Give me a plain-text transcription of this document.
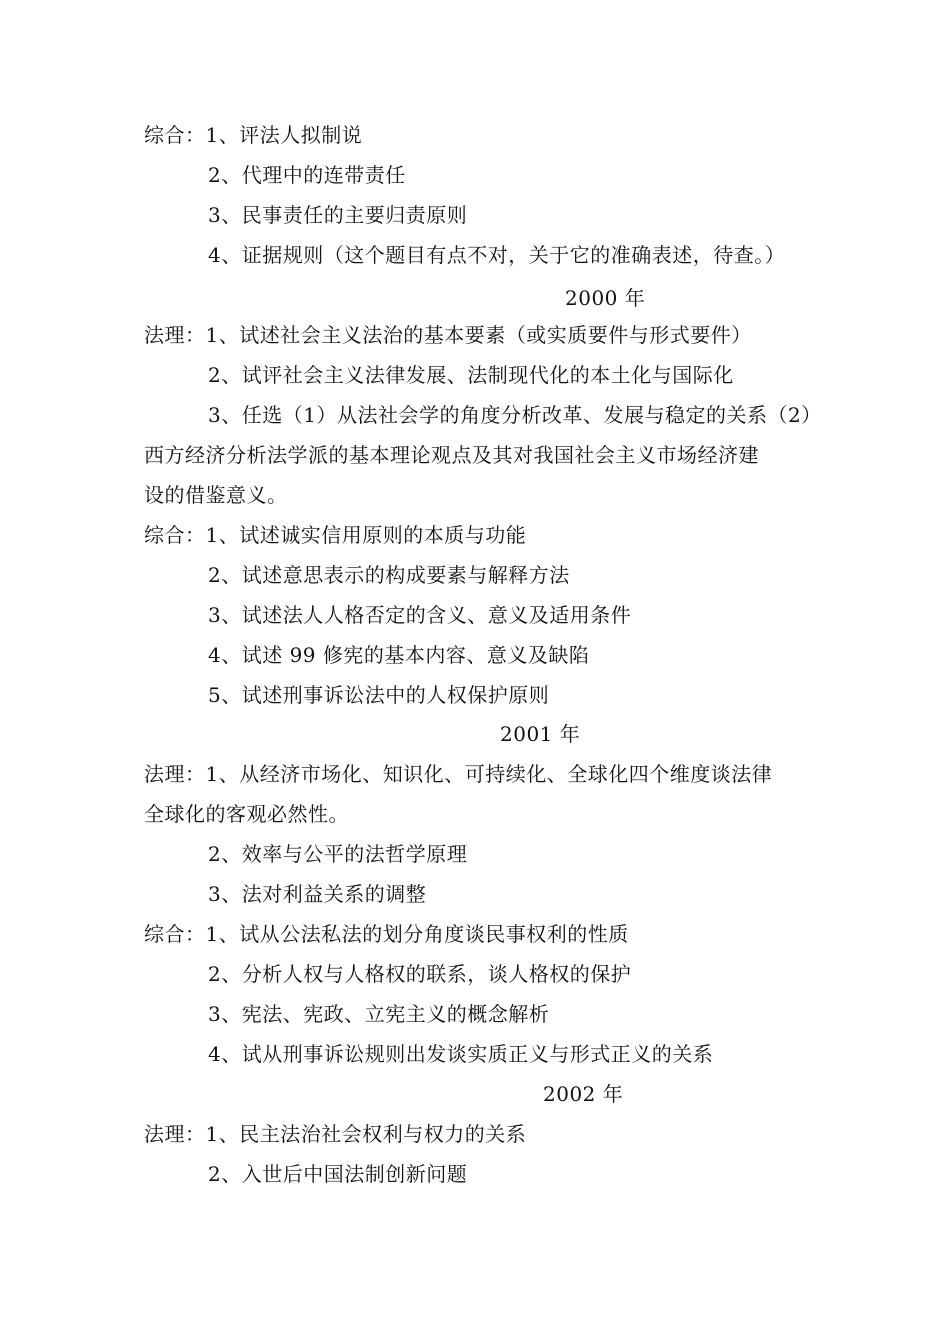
综合：1、评法人拟制说
2、代理中的连带责任
3、民事责任的主要归责原则
4、证据规则（这个题目有点不对，关于它的准确表述，待查。）
2000 年
法理：1、试述社会主义法治的基本要素（或实质要件与形式要件）
2、试评社会主义法律发展、法制现代化的本土化与国际化
3、任选（1）从法社会学的角度分析改革、发展与稳定的关系（2）
西方经济分析法学派的基本理论观点及其对我国社会主义市场经济建
设的借鉴意义。
综合：1、试述诚实信用原则的本质与功能
2、试述意思表示的构成要素与解释方法
3、试述法人人格否定的含义、意义及适用条件
4、试述 99 修宪的基本内容、意义及缺陷
5、试述刑事诉讼法中的人权保护原则
2001 年
法理：1、从经济市场化、知识化、可持续化、全球化四个维度谈法律
全球化的客观必然性。
2、效率与公平的法哲学原理
3、法对利益关系的调整
综合：1、试从公法私法的划分角度谈民事权利的性质
2、分析人权与人格权的联系，谈人格权的保护
3、宪法、宪政、立宪主义的概念解析
4、试从刑事诉讼规则出发谈实质正义与形式正义的关系
2002 年
法理：1、民主法治社会权利与权力的关系
2、入世后中国法制创新问题
